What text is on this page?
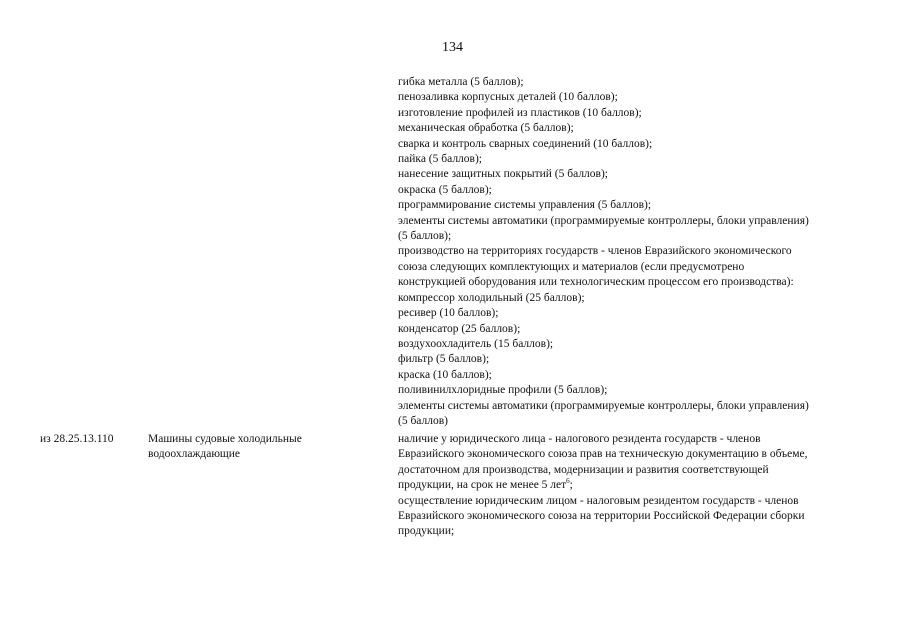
134
гибка металла (5 баллов);
пенозаливка корпусных деталей (10 баллов);
изготовление профилей из пластиков (10 баллов);
механическая обработка (5 баллов);
сварка и контроль сварных соединений (10 баллов);
пайка (5 баллов);
нанесение защитных покрытий (5 баллов);
окраска (5 баллов);
программирование системы управления (5 баллов);
элементы системы автоматики (программируемые контроллеры, блоки управления)
(5 баллов);
производство на территориях государств - членов Евразийского экономического
союза следующих комплектующих и материалов (если предусмотрено
конструкцией оборудования или технологическим процессом его производства):
компрессор холодильный (25 баллов);
ресивер (10 баллов);
конденсатор (25 баллов);
воздухоохладитель (15 баллов);
фильтр (5 баллов);
краска (10 баллов);
поливинилхлоридные профили (5 баллов);
элементы системы автоматики (программируемые контроллеры, блоки управления)
(5 баллов)
из 28.25.13.110	Машины судовые холодильные
водоохлаждающие
наличие у юридического лица - налогового резидента государств - членов
Евразийского экономического союза прав на техническую документацию в объеме,
достаточном для производства, модернизации и развития соответствующей
продукции, на срок не менее 5 лет$^6$;
осуществление юридическим лицом - налоговым резидентом государств - членов
Евразийского экономического союза на территории Российской Федерации сборки
продукции;
